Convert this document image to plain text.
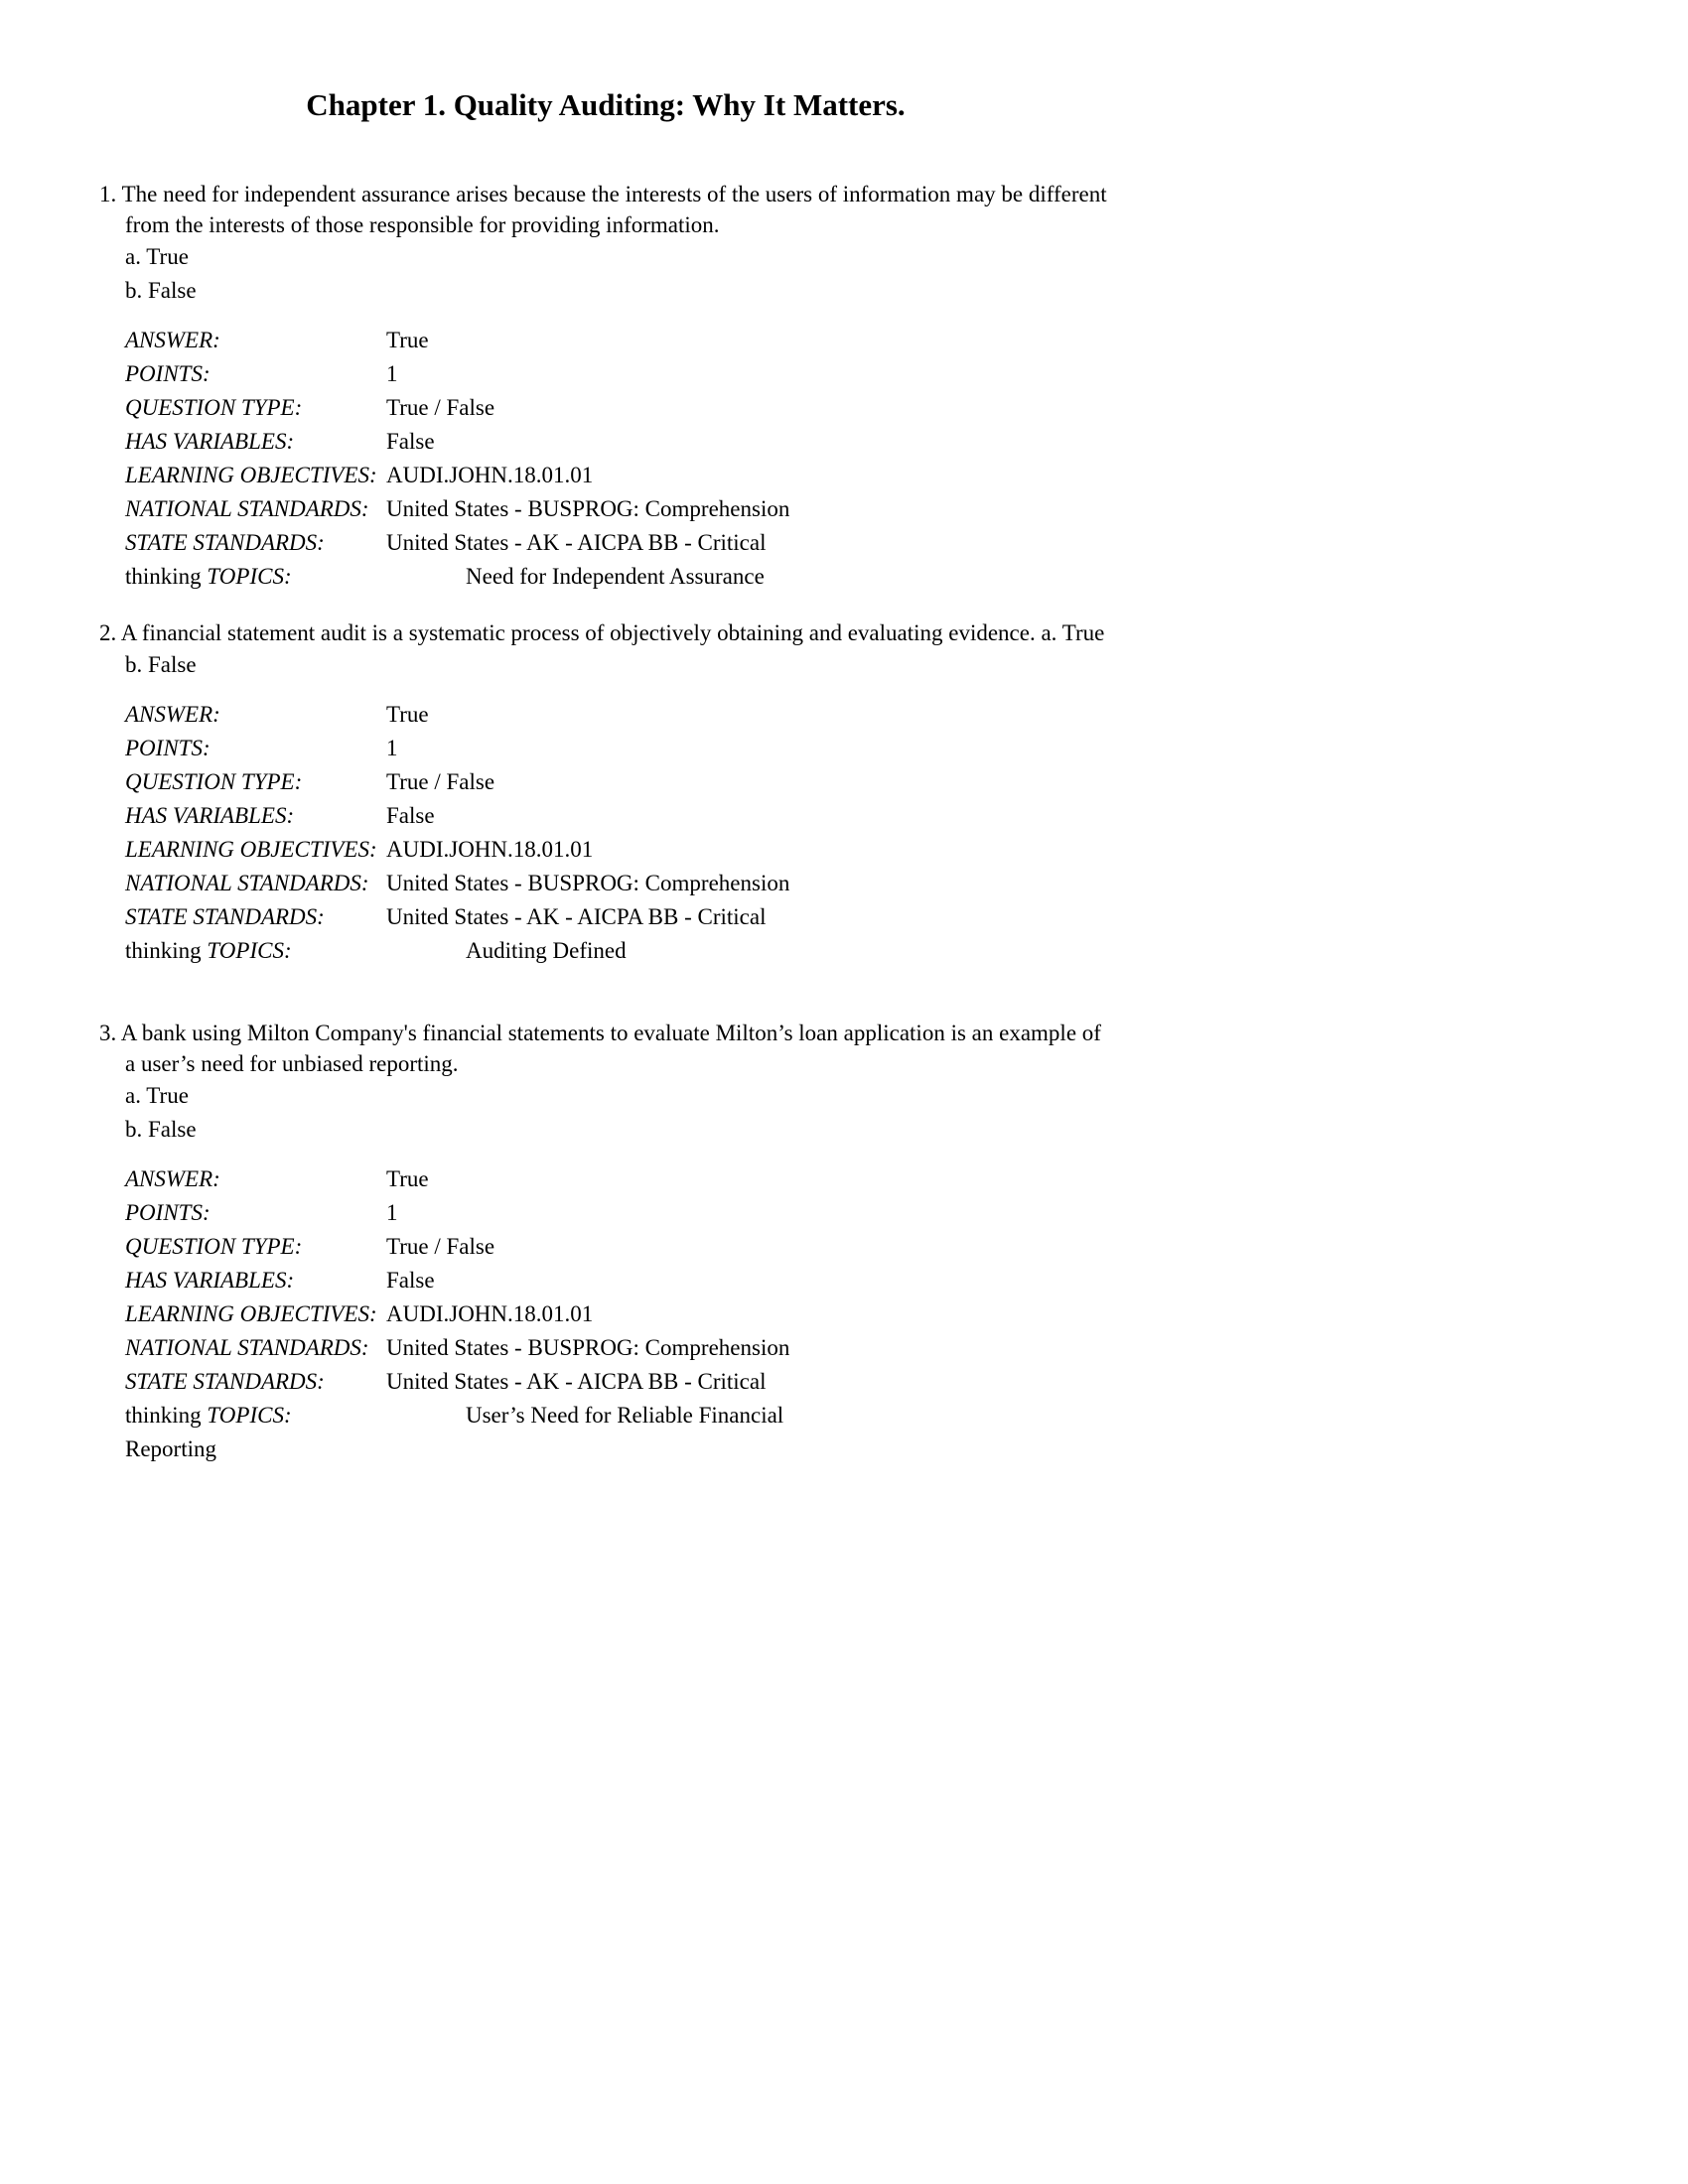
Chapter 1. Quality Auditing: Why It Matters.
1. The need for independent assurance arises because the interests of the users of information may be different from the interests of those responsible for providing information.
a. True
b. False
ANSWER:	True
POINTS:	1
QUESTION TYPE:	True / False
HAS VARIABLES:	False
LEARNING OBJECTIVES: AUDI.JOHN.18.01.01
NATIONAL STANDARDS: United States - BUSPROG: Comprehension
STATE STANDARDS:	United States - AK - AICPA BB - Critical
thinking TOPICS:	Need for Independent Assurance
2. A financial statement audit is a systematic process of objectively obtaining and evaluating evidence. a. True
b. False
ANSWER:	True
POINTS:	1
QUESTION TYPE:	True / False
HAS VARIABLES:	False
LEARNING OBJECTIVES: AUDI.JOHN.18.01.01
NATIONAL STANDARDS: United States - BUSPROG: Comprehension
STATE STANDARDS:	United States - AK - AICPA BB - Critical
thinking TOPICS:	Auditing Defined
3. A bank using Milton Company's financial statements to evaluate Milton’s loan application is an example of a user’s need for unbiased reporting.
a. True
b. False
ANSWER:	True
POINTS:	1
QUESTION TYPE:	True / False
HAS VARIABLES:	False
LEARNING OBJECTIVES: AUDI.JOHN.18.01.01
NATIONAL STANDARDS: United States - BUSPROG: Comprehension
STATE STANDARDS:	United States - AK - AICPA BB - Critical
thinking TOPICS:	User’s Need for Reliable Financial
Reporting
